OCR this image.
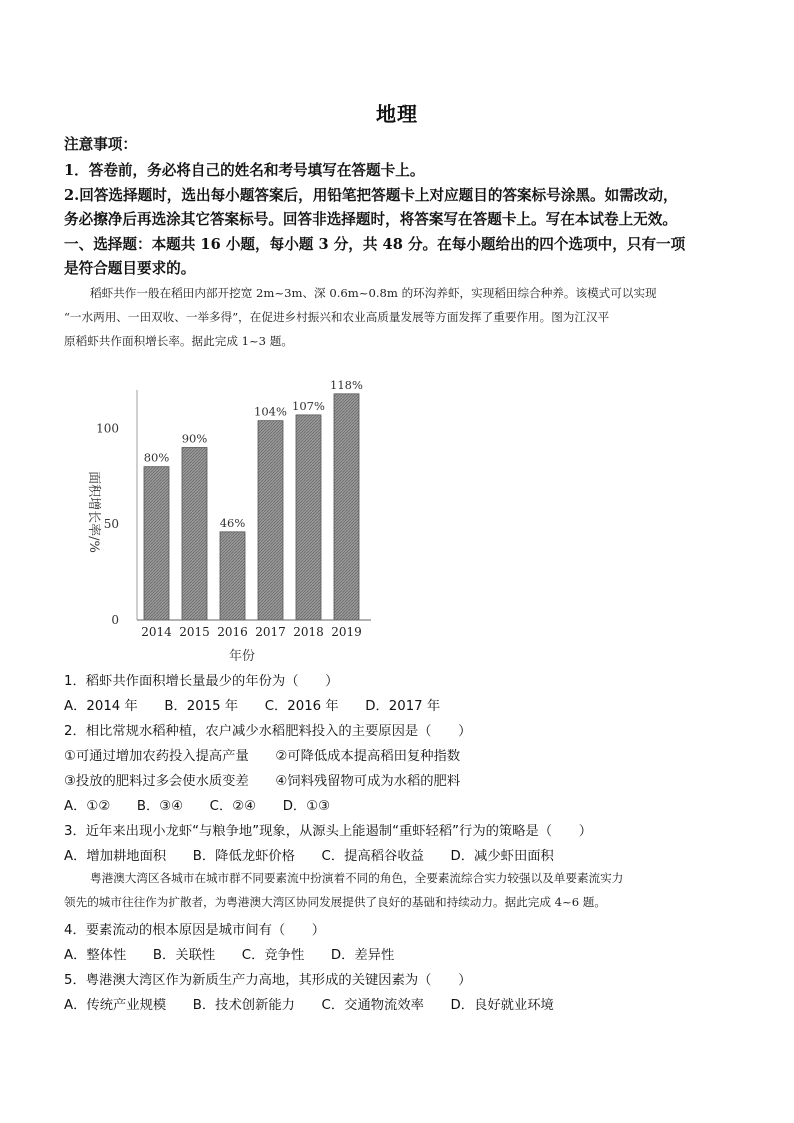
地理
注意事项：
1．答卷前，务必将自己的姓名和考号填写在答题卡上。
2.回答选择题时，选出每小题答案后，用铅笔把答题卡上对应题目的答案标号涂黑。如需改动，
务必擦净后再选涂其它答案标号。回答非选择题时，将答案写在答题卡上。写在本试卷上无效。
一、选择题：本题共 16 小题，每小题 3 分，共 48 分。在每小题给出的四个选项中，只有一项
是符合题目要求的。
稻虾共作一般在稻田内部开挖宽 2m~3m、深 0.6m~0.8m 的环沟养虾，实现稻田综合种养。该模式可以实现
“一水两用、一田双收、一举多得”，在促进乡村振兴和农业高质量发展等方面发挥了重要作用。图为江汉平
原稻虾共作面积增长率。据此完成 1~3 题。
80%
90%
46%
104% 107%
118%
0
50
100
2014 2015 2016 2017 2018 2019
面积增长率/%
年份
1．稻虾共作面积增长量最少的年份为（　　）
A．2014 年　　B．2015 年　　C．2016 年　　D．2017 年
2．相比常规水稻种植，农户减少水稻肥料投入的主要原因是（　　）
①可通过增加农药投入提高产量　　②可降低成本提高稻田复种指数
③投放的肥料过多会使水质变差　　④饲料残留物可成为水稻的肥料
A．①②　　B．③④　　C．②④　　D．①③
3．近年来出现小龙虾“与粮争地”现象，从源头上能遏制“重虾轻稻”行为的策略是（　　）
A．增加耕地面积　　B．降低龙虾价格　　C．提高稻谷收益　　D．减少虾田面积
粤港澳大湾区各城市在城市群不同要素流中扮演着不同的角色，全要素流综合实力较强以及单要素流实力
领先的城市往往作为扩散者，为粤港澳大湾区协同发展提供了良好的基础和持续动力。据此完成 4~6 题。
4．要素流动的根本原因是城市间有（　　）
A．整体性　　B．关联性　　C．竞争性　　D．差异性
5．粤港澳大湾区作为新质生产力高地，其形成的关键因素为（　　）
A．传统产业规模　　B．技术创新能力　　C．交通物流效率　　D．良好就业环境
